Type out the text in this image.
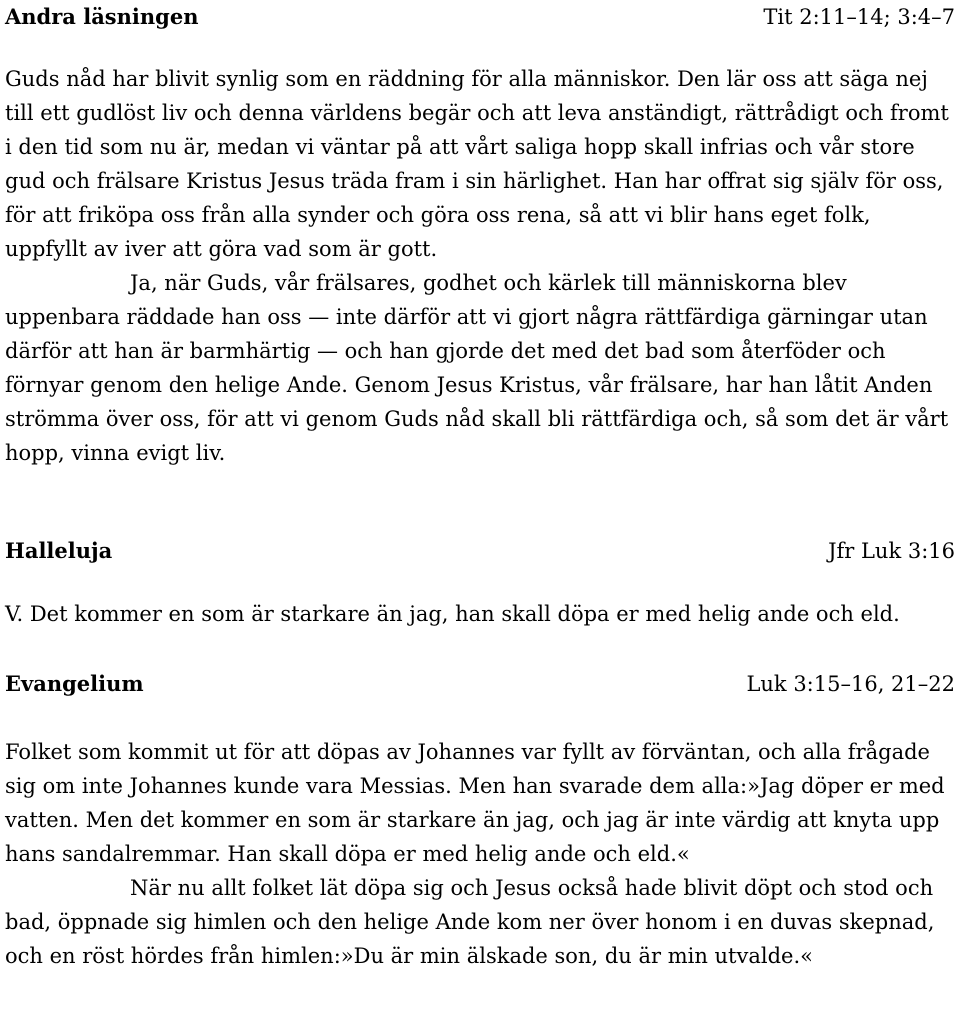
Andra läsningen	Tit 2:11–14; 3:4–7

Guds nåd har blivit synlig som en räddning för alla människor. Den lär oss att säga nej till ett gudlöst liv och denna världens begär och att leva anständigt, rättrådigt och fromt i den tid som nu är, medan vi väntar på att vårt saliga hopp skall infrias och vår store gud och frälsare Kristus Jesus träda fram i sin härlighet. Han har offrat sig själv för oss, för att friköpa oss från alla synder och göra oss rena, så att vi blir hans eget folk, uppfyllt av iver att göra vad som är gott.

Ja, när Guds, vår frälsares, godhet och kärlek till människorna blev uppenbara räddade han oss — inte därför att vi gjort några rättfärdiga gärningar utan därför att han är barmhärtig — och han gjorde det med det bad som återföder och förnyar genom den helige Ande. Genom Jesus Kristus, vår frälsare, har han låtit Anden strömma över oss, för att vi genom Guds nåd skall bli rättfärdiga och, så som det är vårt hopp, vinna evigt liv.

Halleluja	Jfr Luk 3:16

V. Det kommer en som är starkare än jag, han skall döpa er med helig ande och eld.

Evangelium	Luk 3:15–16, 21–22

Folket som kommit ut för att döpas av Johannes var fyllt av förväntan, och alla frågade sig om inte Johannes kunde vara Messias. Men han svarade dem alla:»Jag döper er med vatten. Men det kommer en som är starkare än jag, och jag är inte värdig att knyta upp hans sandalremmar. Han skall döpa er med helig ande och eld.«

När nu allt folket lät döpa sig och Jesus också hade blivit döpt och stod och bad, öppnade sig himlen och den helige Ande kom ner över honom i en duvas skepnad, och en röst hördes från himlen:»Du är min älskade son, du är min utvalde.«
